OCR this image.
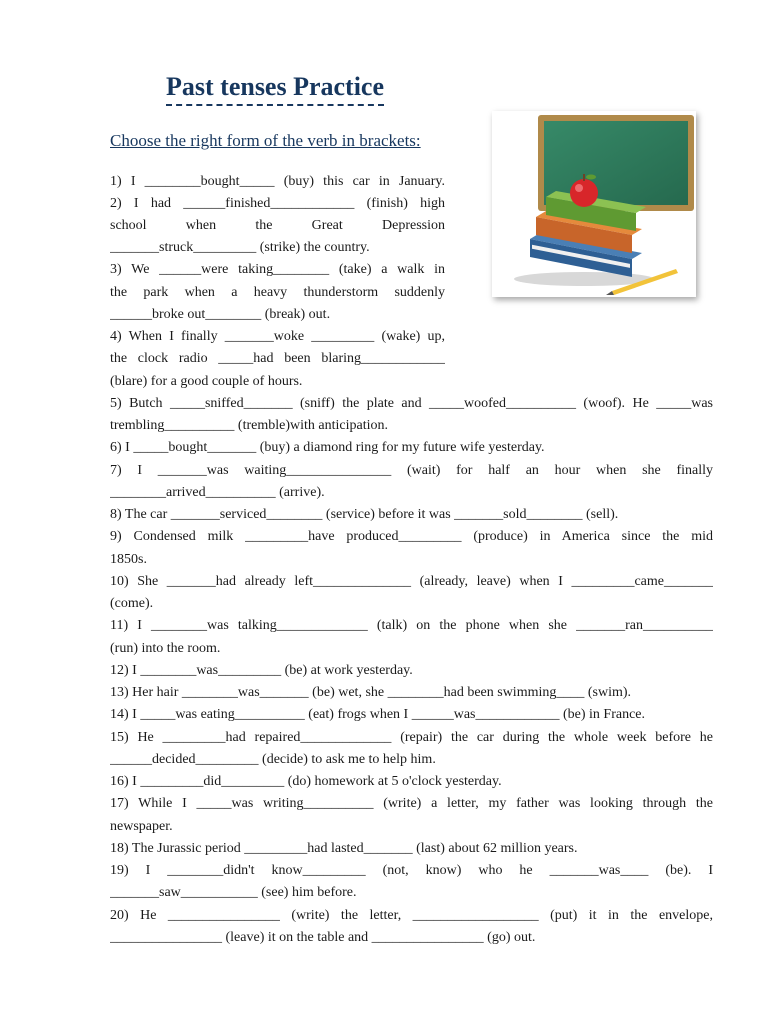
Past tenses Practice
Choose the right form of the verb in brackets:
1) I ________bought_____ (buy) this car in January.
2) I had ______finished____________ (finish) high
school when the Great Depression
_______struck_________ (strike) the country.
3) We ______were taking________ (take) a walk in
the park when a heavy thunderstorm suddenly
______broke out________ (break) out.
4) When I finally _______woke _________ (wake) up,
the clock radio _____had been blaring____________
(blare) for a good couple of hours.
5) Butch _____sniffed_______ (sniff) the plate and _____woofed__________ (woof). He _____was
trembling__________ (tremble)with anticipation.
6) I _____bought_______ (buy) a diamond ring for my future wife yesterday.
7) I _______was waiting_______________ (wait) for half an hour when she finally
________arrived__________ (arrive).
8) The car _______serviced________ (service) before it was _______sold________ (sell).
9) Condensed milk _________have produced_________ (produce) in America since the mid
1850s.
10) She _______had already left______________ (already, leave) when I _________came_______
(come).
11) I ________was talking_____________ (talk) on the phone when she _______ran__________
(run) into the room.
12) I ________was_________ (be) at work yesterday.
13) Her hair ________was_______ (be) wet, she ________had been swimming____ (swim).
14) I _____was eating__________ (eat) frogs when I ______was____________ (be) in France.
15) He _________had repaired_____________ (repair) the car during the whole week before he
______decided_________ (decide) to ask me to help him.
16) I _________did_________ (do) homework at 5 o'clock yesterday.
17) While I _____was writing__________ (write) a letter, my father was looking through the
newspaper.
18) The Jurassic period _________had lasted_______ (last) about 62 million years.
19) I ________didn't know_________ (not, know) who he _______was____ (be). I
_______saw___________ (see) him before.
20) He ________________ (write) the letter, __________________ (put) it in the envelope,
________________ (leave) it on the table and ________________ (go) out.
